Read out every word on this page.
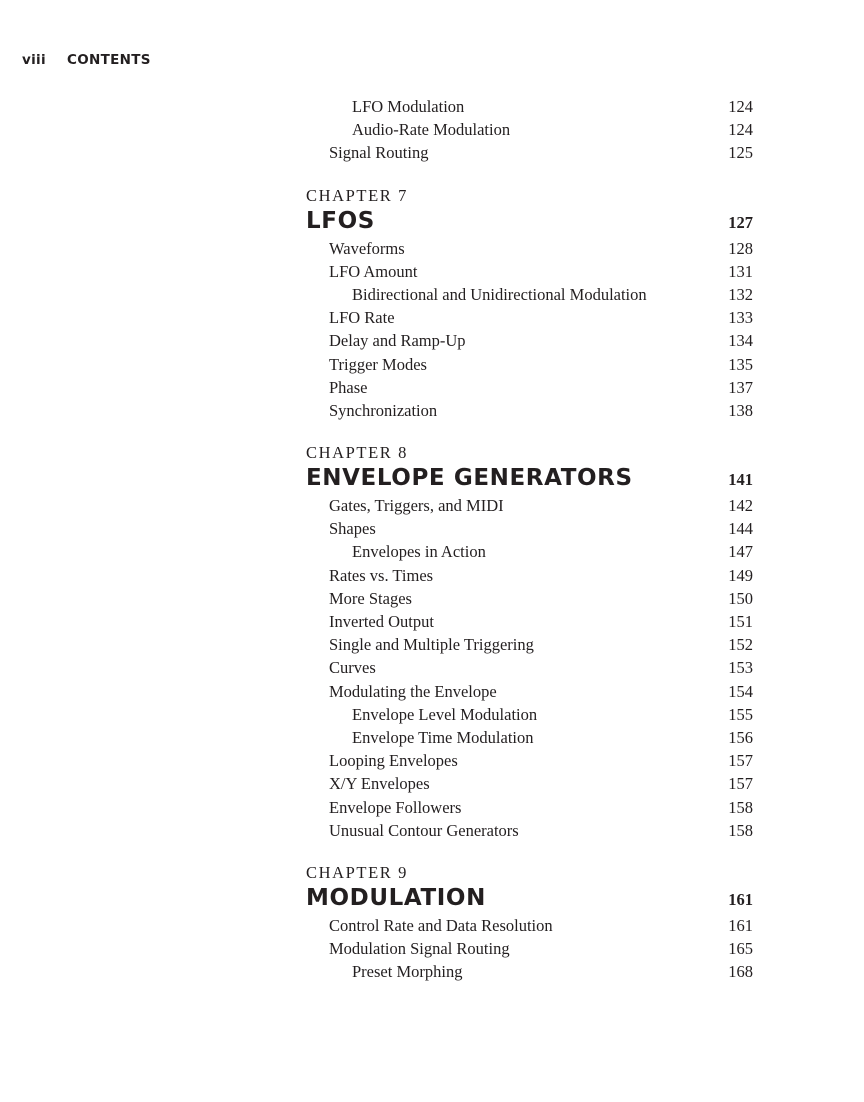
viii CONTENTS
LFO Modulation	124
Audio-Rate Modulation	124
Signal Routing	125
CHAPTER 7
LFOS	127
Waveforms	128
LFO Amount	131
Bidirectional and Unidirectional Modulation	132
LFO Rate	133
Delay and Ramp-Up	134
Trigger Modes	135
Phase	137
Synchronization	138
CHAPTER 8
ENVELOPE GENERATORS	141
Gates, Triggers, and MIDI	142
Shapes	144
Envelopes in Action	147
Rates vs. Times	149
More Stages	150
Inverted Output	151
Single and Multiple Triggering	152
Curves	153
Modulating the Envelope	154
Envelope Level Modulation	155
Envelope Time Modulation	156
Looping Envelopes	157
X/Y Envelopes	157
Envelope Followers	158
Unusual Contour Generators	158
CHAPTER 9
MODULATION	161
Control Rate and Data Resolution	161
Modulation Signal Routing	165
Preset Morphing	168
